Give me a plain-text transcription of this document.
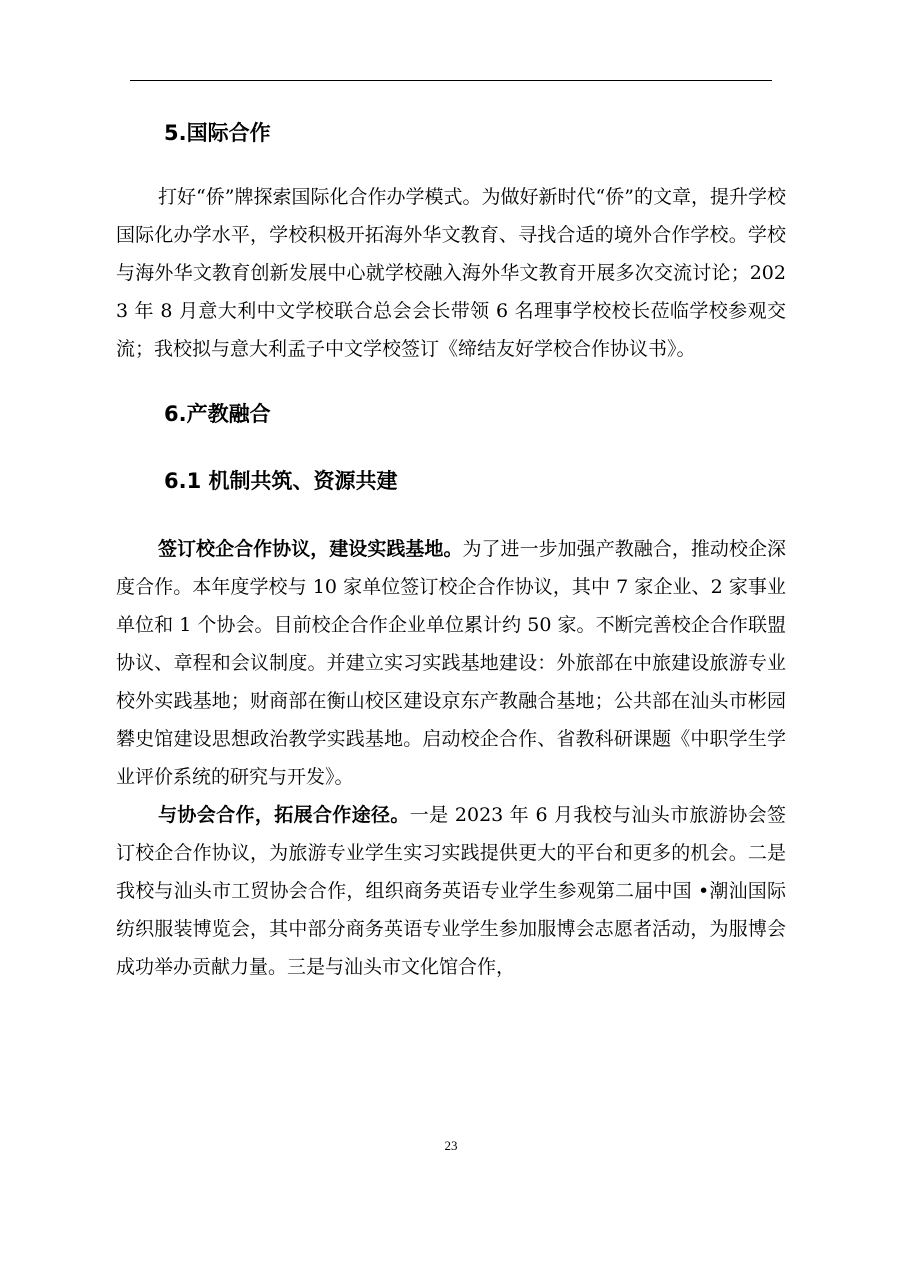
5.国际合作

打好“侨”牌探索国际化合作办学模式。为做好新时代“侨”的文章，提升学校国际化办学水平，学校积极开拓海外华文教育、寻找合适的境外合作学校。学校与海外华文教育创新发展中心就学校融入海外华文教育开展多次交流讨论；2023 年 8 月意大利中文学校联合总会会长带领 6 名理事学校校长莅临学校参观交流；我校拟与意大利孟子中文学校签订《缔结友好学校合作协议书》。

6.产教融合
6.1 机制共筑、资源共建

签订校企合作协议，建设实践基地。为了进一步加强产教融合，推动校企深度合作。本年度学校与 10 家单位签订校企合作协议，其中 7 家企业、2 家事业单位和 1 个协会。目前校企合作企业单位累计约 50 家。不断完善校企合作联盟协议、章程和会议制度。并建立实习实践基地建设：外旅部在中旅建设旅游专业校外实践基地；财商部在衡山校区建设京东产教融合基地；公共部在汕头市彬园礬史馆建设思想政治教学实践基地。启动校企合作、省教科研课题《中职学生学业评价系统的研究与开发》。

与协会合作，拓展合作途径。一是 2023 年 6 月我校与汕头市旅游协会签订校企合作协议，为旅游专业学生实习实践提供更大的平台和更多的机会。二是我校与汕头市工贸协会合作，组织商务英语专业学生参观第二届中国 •潮汕国际纺织服装博览会，其中部分商务英语专业学生参加服博会志愿者活动，为服博会成功举办贡献力量。三是与汕头市文化馆合作，

23
